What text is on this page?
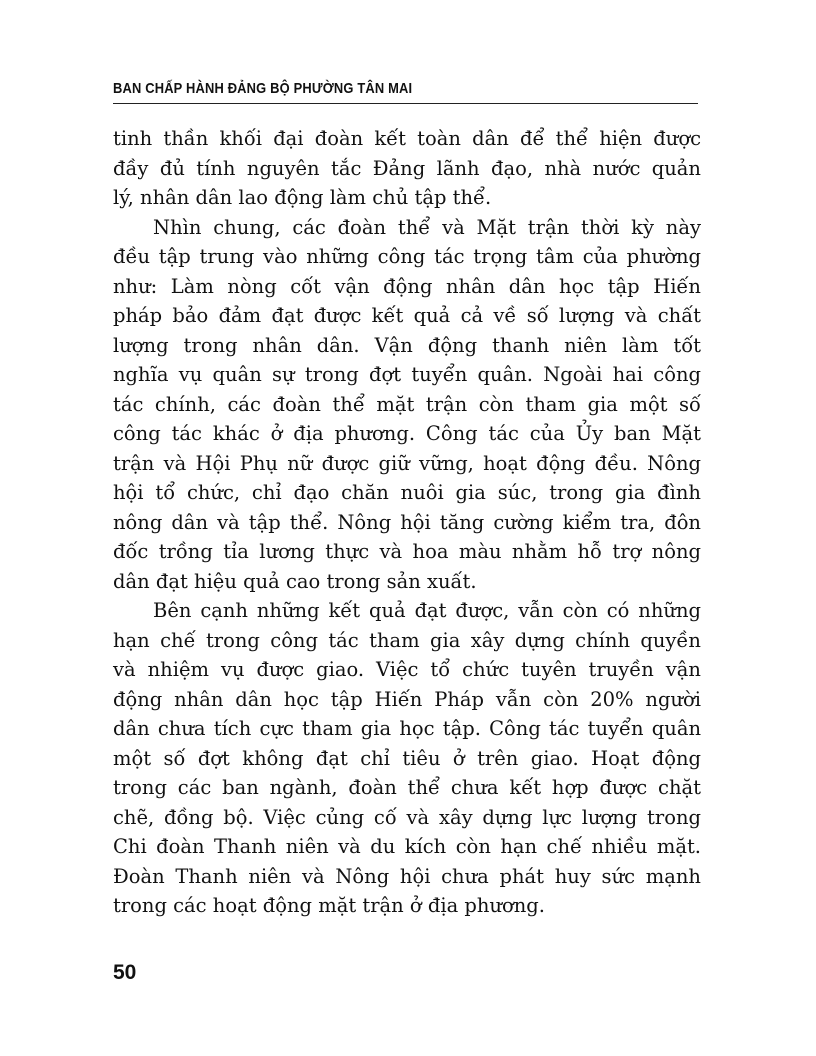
BAN CHẤP HÀNH ĐẢNG BỘ PHƯỜNG TÂN MAI
tinh thần khối đại đoàn kết toàn dân để thể hiện được
đầy đủ tính nguyên tắc Đảng lãnh đạo, nhà nước quản
lý, nhân dân lao động làm chủ tập thể.
Nhìn chung, các đoàn thể và Mặt trận thời kỳ này
đều tập trung vào những công tác trọng tâm của phường
như: Làm nòng cốt vận động nhân dân học tập Hiến
pháp bảo đảm đạt được kết quả cả về số lượng và chất
lượng trong nhân dân. Vận động thanh niên làm tốt
nghĩa vụ quân sự trong đợt tuyển quân. Ngoài hai công
tác chính, các đoàn thể mặt trận còn tham gia một số
công tác khác ở địa phương. Công tác của Ủy ban Mặt
trận và Hội Phụ nữ được giữ vững, hoạt động đều. Nông
hội tổ chức, chỉ đạo chăn nuôi gia súc, trong gia đình
nông dân và tập thể. Nông hội tăng cường kiểm tra, đôn
đốc trồng tỉa lương thực và hoa màu nhằm hỗ trợ nông
dân đạt hiệu quả cao trong sản xuất.
Bên cạnh những kết quả đạt được, vẫn còn có những
hạn chế trong công tác tham gia xây dựng chính quyền
và nhiệm vụ được giao. Việc tổ chức tuyên truyền vận
động nhân dân học tập Hiến Pháp vẫn còn 20% người
dân chưa tích cực tham gia học tập. Công tác tuyển quân
một số đợt không đạt chỉ tiêu ở trên giao. Hoạt động
trong các ban ngành, đoàn thể chưa kết hợp được chặt
chẽ, đồng bộ. Việc củng cố và xây dựng lực lượng trong
Chi đoàn Thanh niên và du kích còn hạn chế nhiều mặt.
Đoàn Thanh niên và Nông hội chưa phát huy sức mạnh
trong các hoạt động mặt trận ở địa phương.
50
